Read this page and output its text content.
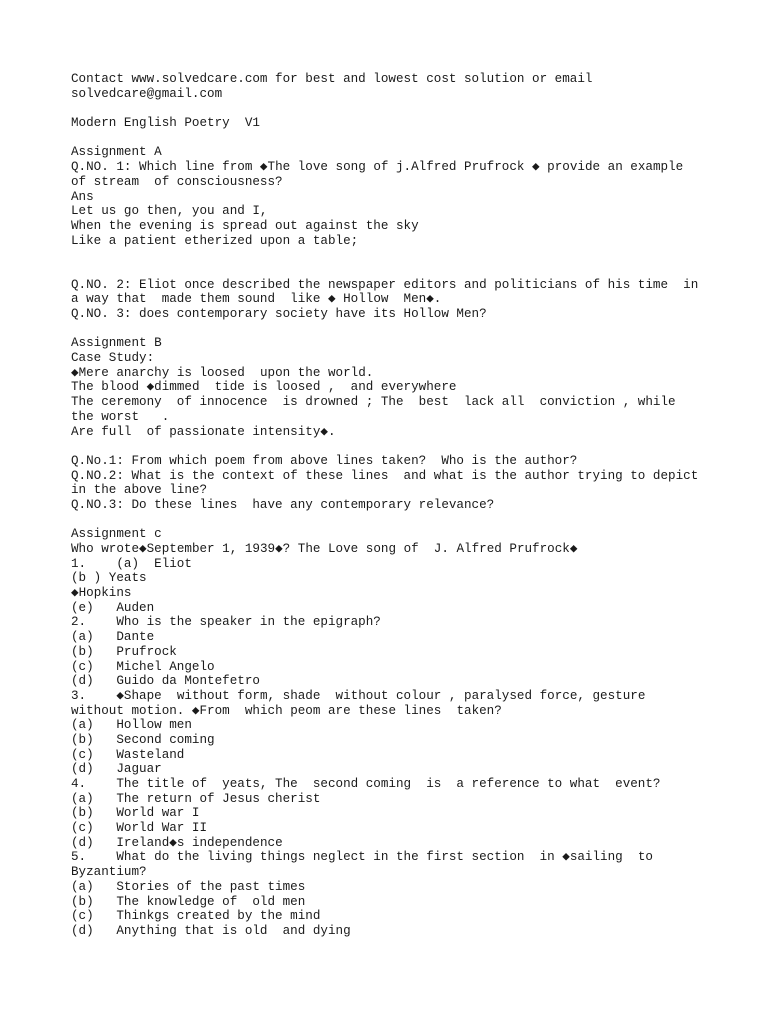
Contact www.solvedcare.com for best and lowest cost solution or email
solvedcare@gmail.com
Modern English Poetry  V1
Assignment A
Q.NO. 1: Which line from ◆The love song of j.Alfred Prufrock ◆ provide an example
of stream  of consciousness?
Ans
Let us go then, you and I,
When the evening is spread out against the sky
Like a patient etherized upon a table;
Q.NO. 2: Eliot once described the newspaper editors and politicians of his time  in
a way that  made them sound  like ◆ Hollow  Men◆.
Q.NO. 3: does contemporary society have its Hollow Men?
Assignment B
Case Study:
◆Mere anarchy is loosed  upon the world.
The blood ◆dimmed  tide is loosed ,  and everywhere
The ceremony  of innocence  is drowned ; The  best  lack all  conviction , while
the worst   .
Are full  of passionate intensity◆.
Q.No.1: From which poem from above lines taken?  Who is the author?
Q.NO.2: What is the context of these lines  and what is the author trying to depict
in the above line?
Q.NO.3: Do these lines  have any contemporary relevance?
Assignment c
Who wrote◆September 1, 1939◆? The Love song of  J. Alfred Prufrock◆
1.    (a)  Eliot
(b ) Yeats
◆Hopkins
(e)   Auden
2.    Who is the speaker in the epigraph?
(a)   Dante
(b)   Prufrock
(c)   Michel Angelo
(d)   Guido da Montefetro
3.    ◆Shape  without form, shade  without colour , paralysed force, gesture
without motion. ◆From  which peom are these lines  taken?
(a)   Hollow men
(b)   Second coming
(c)   Wasteland
(d)   Jaguar
4.    The title of  yeats, The  second coming  is  a reference to what  event?
(a)   The return of Jesus cherist
(b)   World war I
(c)   World War II
(d)   Ireland◆s independence
5.    What do the living things neglect in the first section  in ◆sailing  to
Byzantium?
(a)   Stories of the past times
(b)   The knowledge of  old men
(c)   Thinkgs created by the mind
(d)   Anything that is old  and dying
